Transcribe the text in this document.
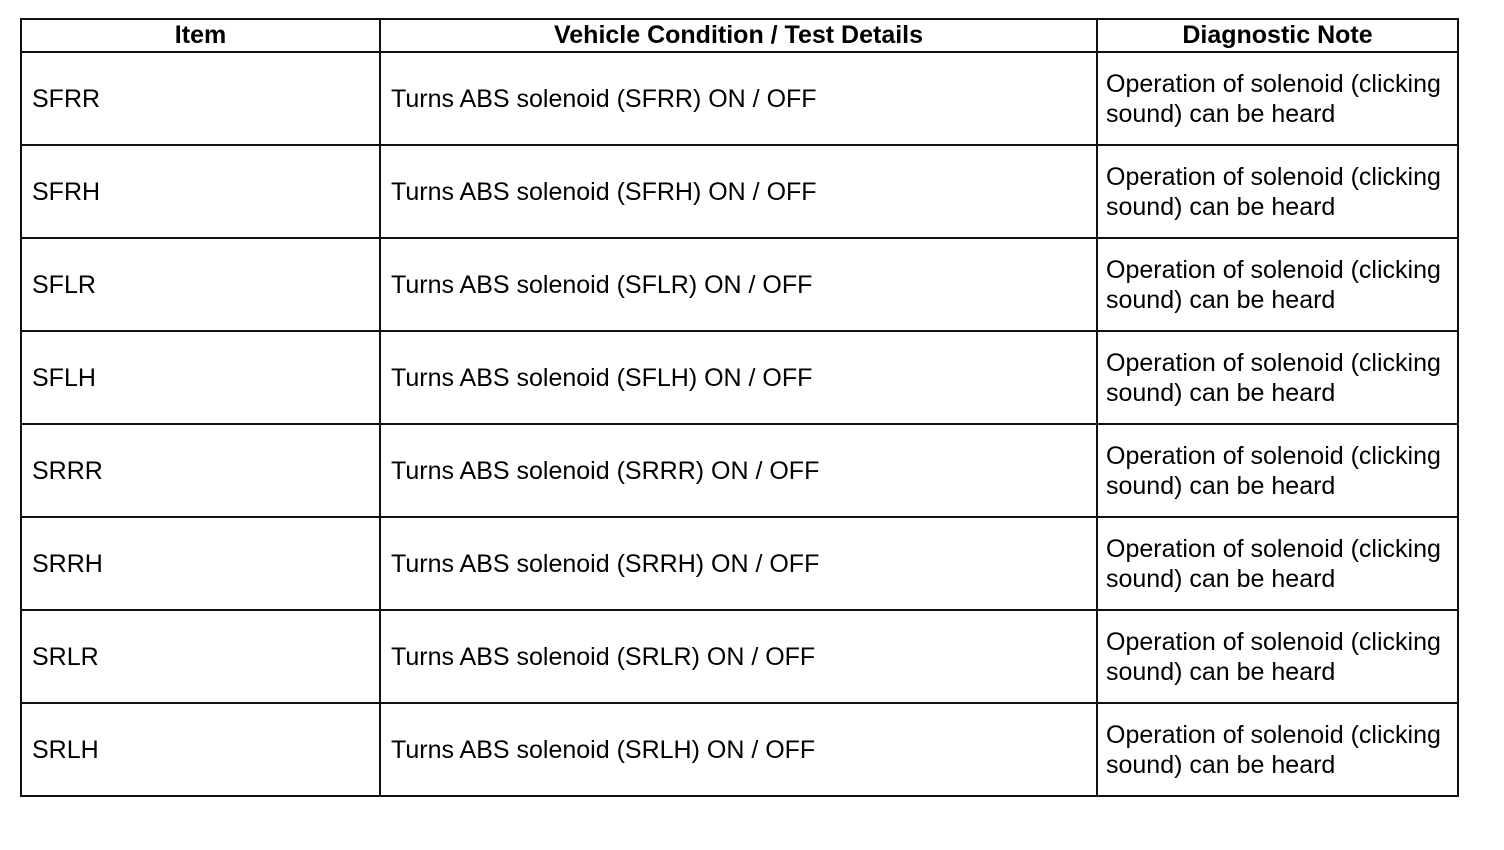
Item	Vehicle Condition / Test Details	Diagnostic Note
SFRR	Turns ABS solenoid (SFRR) ON / OFF	Operation of solenoid (clicking sound) can be heard
SFRH	Turns ABS solenoid (SFRH) ON / OFF	Operation of solenoid (clicking sound) can be heard
SFLR	Turns ABS solenoid (SFLR) ON / OFF	Operation of solenoid (clicking sound) can be heard
SFLH	Turns ABS solenoid (SFLH) ON / OFF	Operation of solenoid (clicking sound) can be heard
SRRR	Turns ABS solenoid (SRRR) ON / OFF	Operation of solenoid (clicking sound) can be heard
SRRH	Turns ABS solenoid (SRRH) ON / OFF	Operation of solenoid (clicking sound) can be heard
SRLR	Turns ABS solenoid (SRLR) ON / OFF	Operation of solenoid (clicking sound) can be heard
SRLH	Turns ABS solenoid (SRLH) ON / OFF	Operation of solenoid (clicking sound) can be heard
